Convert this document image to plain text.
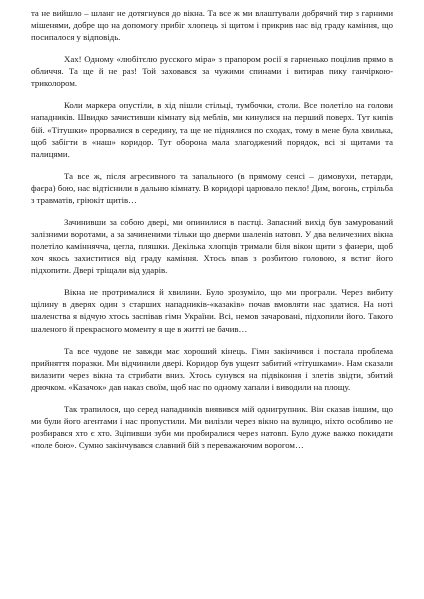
та не вийшло – шланг не дотягнувся до вікна. Та все ж ми влаштували добрячий тир з гарними мішенями, добре що на допомогу прибіг хлопець зі щитом і прикрив нас від граду каміння, що посипалося у відповідь.

Хах! Одному «любітєлю русского міра» з прапором росії я гарненько поцілив прямо в обличчя. Та ще й не раз! Той заховався за чужими спинами і витирав пику ганчіркою-триколором.

Коли маркера опустіли, в хід пішли стільці, тумбочки, столи. Все полетіло на голови нападників. Швидко зачистивши кімнату від меблів, ми кинулися на перший поверх. Тут кипів бій. «Тітушки» прорвалися в середину, та ще не піднялися по сходах, тому в мене була хвилька, щоб забігти в «наш» коридор. Тут оборона мала злагоджений порядок, всі зі щитами та палицями.

Та все ж, після агресивного та запального (в прямому сенсі – димовухи, петарди, фаєра) бою, нас відтіснили в дальню кімнату. В коридорі царювало пекло! Дим, вогонь, стрільба з травматів, гріюкіт щитів…

Зачинивши за собою двері, ми опинилися в пастці. Запасний вихід був замурований залізними воротами, а за зачиненими тільки що дверми шаленів натовп. У два величезних вікна полетіло каміннячча, цегла, пляшки. Декілька хлопців тримали біля вікон щити з фанери, щоб хоч якось захиститися від граду каміння. Хтось впав з розбитою головою, я встиг його підхопити. Двері тріщали від ударів.

Вікна не протрималися й хвилини. Було зрозуміло, що ми програли. Через вибиту щілину в дверях один з старших нападників-«казаків» почав вмовляти нас здатися. На ноті шаленства я відчую хтось заспівав гімн України. Всі, немов зачаровані, підхопили його. Такого шаленого й прекрасного моменту я ще в житті не бачив…

Та все чудове не завжди має хороший кінець. Гімн закінчився і постала проблема прийняття поразки. Ми відчинили двері. Коридор був ущент забитий «тітушками». Нам сказали вилазити через вікна та стрибати вниз. Хтось сунувся на підвіконня і злетів звідти, збитий дрючком. «Казачок» дав наказ своїм, щоб нас по одному хапали і виводили на площу.

Так трапилося, що серед нападників виявився мій однигрупник. Він сказав іншим, що ми були його агентами і нас пропустили. Ми вилізли через вікно на вулицю, ніхто особливо не розбирався хто є хто. Зціпивши зуби ми пробиралися через натовп. Було дуже важко покидати «поле бою». Сумно закінчувався славний бій з переважаючим ворогом…
